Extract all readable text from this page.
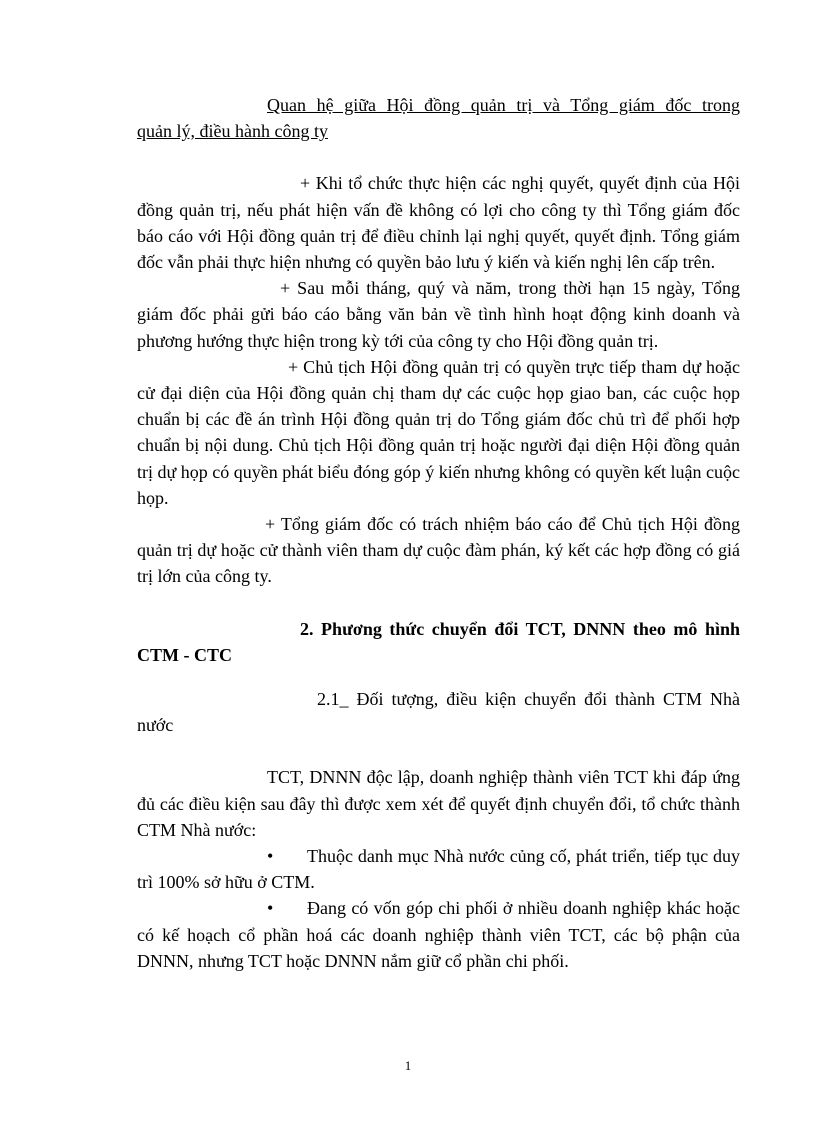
Quan hệ giữa Hội đồng quản trị và Tổng giám đốc trong

quản lý, điều hành công ty

+ Khi tổ chức thực hiện các nghị quyết, quyết định của Hội đồng quản trị, nếu phát hiện vấn đề không có lợi cho công ty thì Tổng giám đốc báo cáo với Hội đồng quản trị để điều chỉnh lại nghị quyết, quyết định. Tổng giám đốc vẫn phải thực hiện nhưng có quyền bảo lưu ý kiến và kiến nghị lên cấp trên.

+ Sau mỗi tháng, quý và năm, trong thời hạn 15 ngày, Tổng giám đốc phải gửi báo cáo bằng văn bản về tình hình hoạt động kinh doanh và phương hướng thực hiện trong kỳ tới của công ty cho Hội đồng quản trị.

+ Chủ tịch Hội đồng quản trị có quyền trực tiếp tham dự hoặc cử đại diện của Hội đồng quản chị tham dự các cuộc họp giao ban, các cuộc họp chuẩn bị các đề án trình Hội đồng quản trị do Tổng giám đốc chủ trì để phối hợp chuẩn bị nội dung. Chủ tịch Hội đồng quản trị hoặc người đại diện Hội đồng quản trị dự họp có quyền phát biểu đóng góp ý kiến nhưng không có quyền kết luận cuộc họp.

+ Tổng giám đốc có trách nhiệm báo cáo để Chủ tịch Hội đồng quản trị dự hoặc cử thành viên tham dự cuộc đàm phán, ký kết các hợp đồng có giá trị lớn của công ty.

2. Phương thức chuyển đổi TCT, DNNN theo mô hình CTM - CTC

2.1_ Đối tượng, điều kiện chuyển đổi thành CTM Nhà nước

TCT, DNNN độc lập, doanh nghiệp thành viên TCT khi đáp ứng đủ các điều kiện sau đây thì được xem xét để quyết định chuyển đổi, tổ chức thành CTM Nhà nước:

• Thuộc danh mục Nhà nước củng cố, phát triển, tiếp tục duy trì 100% sở hữu ở CTM.

• Đang có vốn góp chi phối ở nhiều doanh nghiệp khác hoặc có kế hoạch cổ phần hoá các doanh nghiệp thành viên TCT, các bộ phận của DNNN, nhưng TCT hoặc DNNN nắm giữ cổ phần chi phối.

1
